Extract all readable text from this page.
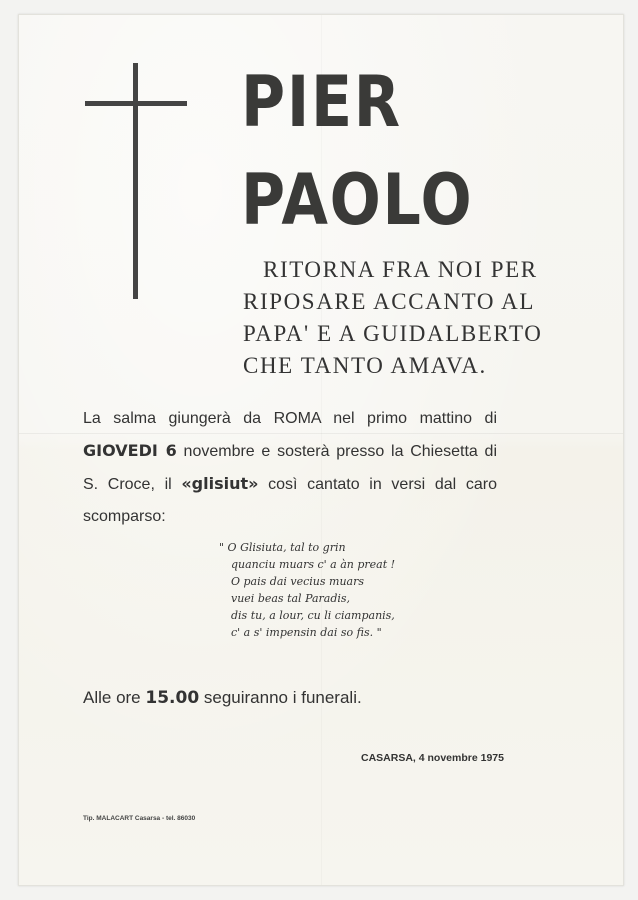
PIER
PAOLO

RITORNA FRA NOI PER

RIPOSARE ACCANTO AL

PAPA' E A GUIDALBERTO

CHE TANTO AMAVA.

La salma giungerà da ROMA nel primo mattino di GIOVEDI 6 novembre e sosterà presso la Chiesetta di S. Croce, il «glisiut» così cantato in versi dal caro scomparso:

" O Glisiuta, tal to grin
quanciu muars c' a àn preat !
O pais dai vecius muars
vuei beas tal Paradis,
dis tu, a lour, cu li ciampanis,
c' a s' impensin dai so fis. "

Alle ore 15.00 seguiranno i funerali.

CASARSA, 4 novembre 1975

Tip. MALACART Casarsa - tel. 86030
